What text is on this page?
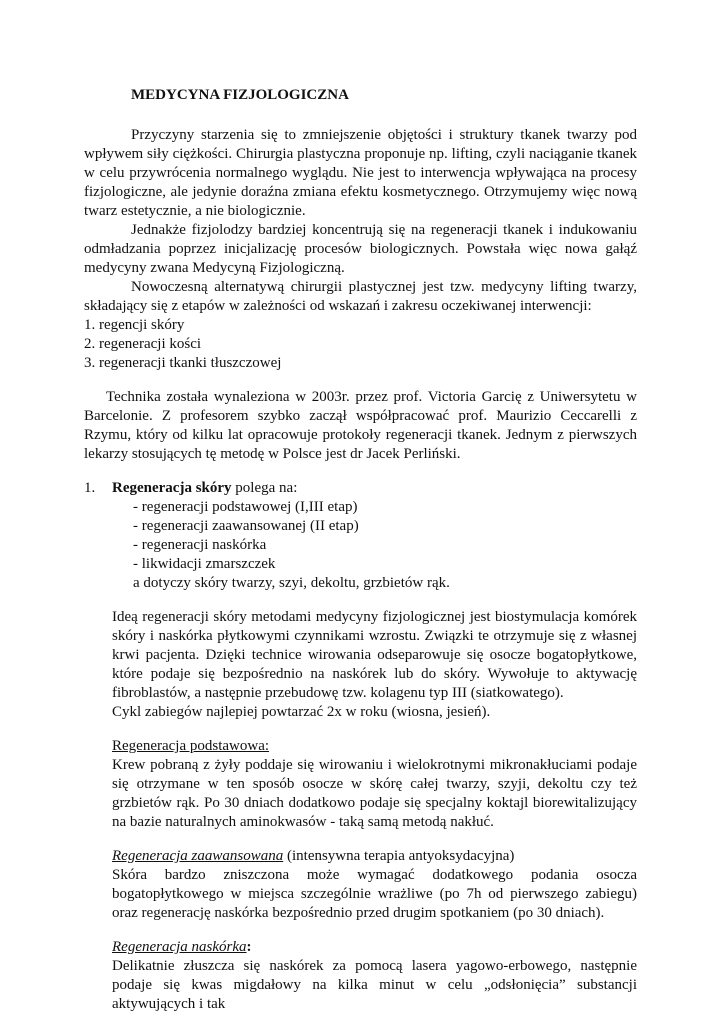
MEDYCYNA FIZJOLOGICZNA

Przyczyny starzenia się to zmniejszenie objętości i struktury tkanek twarzy pod wpływem siły ciężkości. Chirurgia plastyczna proponuje np. lifting, czyli naciąganie tkanek w celu przywrócenia normalnego wyglądu. Nie jest to interwencja wpływająca na procesy fizjologiczne, ale jedynie doraźna zmiana efektu kosmetycznego. Otrzymujemy więc nową twarz estetycznie, a nie biologicznie.

Jednakże fizjolodzy bardziej koncentrują się na regeneracji tkanek i indukowaniu odmładzania poprzez inicjalizację procesów biologicznych. Powstała więc nowa gałąź medycyny zwana Medycyną Fizjologiczną.

Nowoczesną alternatywą chirurgii plastycznej jest tzw. medycyny lifting twarzy, składający się z etapów w zależności od wskazań i zakresu oczekiwanej interwencji:

1. regencji skóry
2. regeneracji kości
3. regeneracji tkanki tłuszczowej

Technika została wynaleziona w 2003r. przez prof. Victoria Garcię z Uniwersytetu w Barcelonie. Z profesorem szybko zaczął współpracować prof. Maurizio Ceccarelli z Rzymu, który od kilku lat opracowuje protokoły regeneracji tkanek. Jednym z pierwszych lekarzy stosujących tę metodę w Polsce jest dr Jacek Perliński.

1. Regeneracja skóry polega na:
- regeneracji podstawowej (I,III etap)
- regeneracji zaawansowanej (II etap)
- regeneracji naskórka
- likwidacji zmarszczek
a dotyczy skóry twarzy, szyi, dekoltu, grzbietów rąk.

Ideą regeneracji skóry metodami medycyny fizjologicznej jest biostymulacja komórek skóry i naskórka płytkowymi czynnikami wzrostu. Związki te otrzymuje się z własnej krwi pacjenta. Dzięki technice wirowania odseparowuje się osocze bogatopłytkowe, które podaje się bezpośrednio na naskórek lub do skóry. Wywołuje to aktywację fibroblastów, a następnie przebudowę tzw. kolagenu typ III (siatkowatego).

Cykl zabiegów najlepiej powtarzać 2x w roku (wiosna, jesień).

Regeneracja podstawowa:

Krew pobraną z żyły poddaje się wirowaniu i wielokrotnymi mikronakłuciami podaje się otrzymane w ten sposób osocze w skórę całej twarzy, szyji, dekoltu czy też grzbietów rąk. Po 30 dniach dodatkowo podaje się specjalny koktajl biorewitalizujący na bazie naturalnych aminokwasów - taką samą metodą nakłuć.

Regeneracja zaawansowana (intensywna terapia antyoksydacyjna)

Skóra bardzo zniszczona może wymagać dodatkowego podania osocza bogatopłytkowego w miejsca szczególnie wrażliwe (po 7h od pierwszego zabiegu) oraz regenerację naskórka bezpośrednio przed drugim spotkaniem (po 30 dniach).

Regeneracja naskórka:

Delikatnie złuszcza się naskórek za pomocą lasera yagowo-erbowego, następnie podaje się kwas migdałowy na kilka minut w celu „odsłonięcia” substancji aktywujących i tak
